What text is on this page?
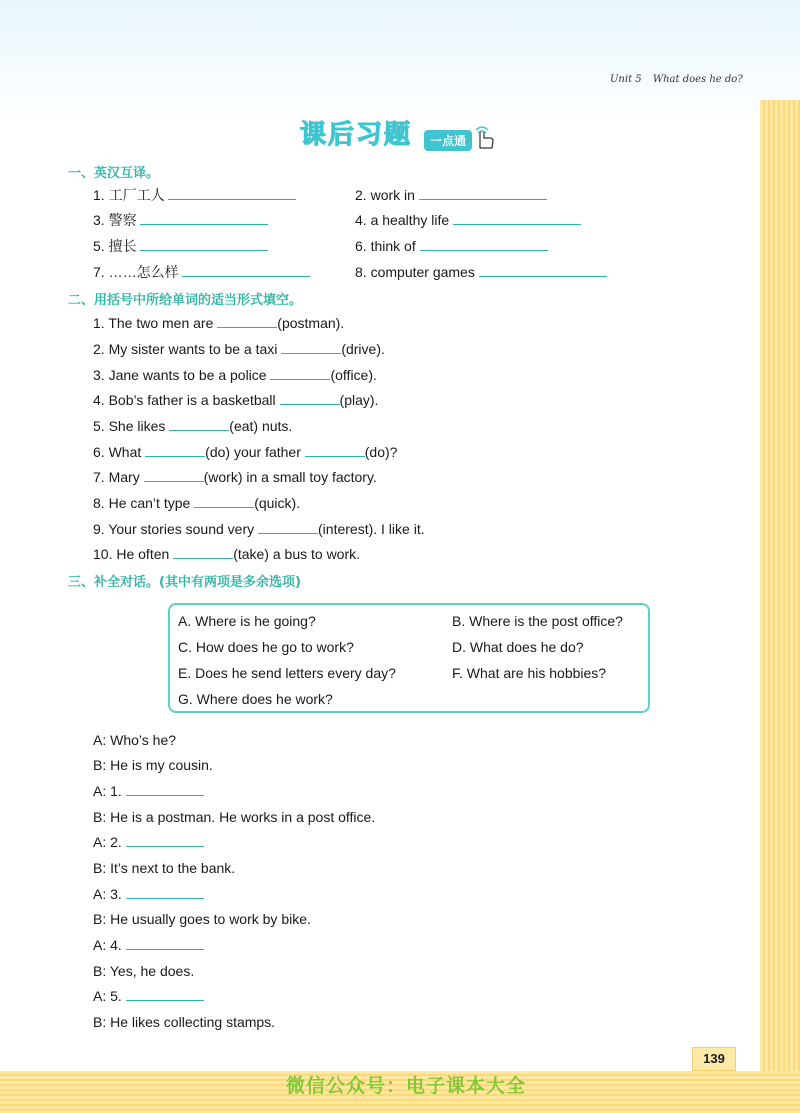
Unit 5 What does he do?
课后习题	一点通
一、英汉互译。
1. 工厂工人	2. work in
3. 警察	4. a healthy life
5. 擅长	6. think of
7. ……怎么样	8. computer games
二、用括号中所给单词的适当形式填空。
1. The two men are	(postman).
2. My sister wants to be a taxi	(drive).
3. Jane wants to be a police	(office).
4. Bob’s father is a basketball	(play).
5. She likes	(eat) nuts.
6. What	(do) your father	(do)?
7. Mary	(work) in a small toy factory.
8. He can’t type	(quick).
9. Your stories sound very	(interest). I like it.
10. He often	(take) a bus to work.
三、补全对话。(其中有两项是多余选项)
A. Where is he going?	B. Where is the post office?
C. How does he go to work?	D. What does he do?
E. Does he send letters every day?	F. What are his hobbies?
G. Where does he work?
A: Who’s he?
B: He is my cousin.
A: 1.
B: He is a postman. He works in a post office.
A: 2.
B: It’s next to the bank.
A: 3.
B: He usually goes to work by bike.
A: 4.
B: Yes, he does.
A: 5.
B: He likes collecting stamps.
139
微信公众号：电子课本大全
